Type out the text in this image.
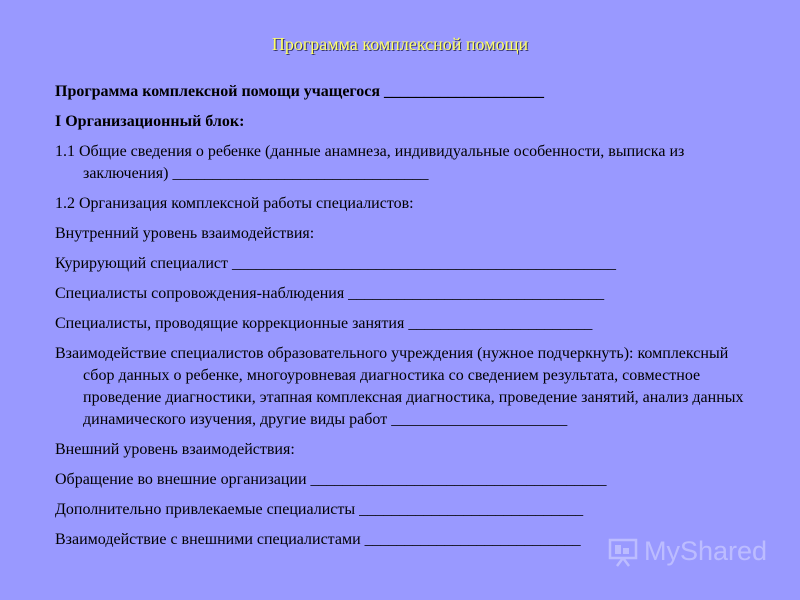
Программа комплексной помощи
Программа комплексной помощи учащегося ____________________
I Организационный блок:
1.1 Общие сведения о ребенке (данные анамнеза, индивидуальные особенности, выписка из заключения) ________________________________
1.2 Организация комплексной работы специалистов:
Внутренний уровень взаимодействия:
Курирующий специалист ________________________________________________
Специалисты сопровождения-наблюдения ________________________________
Специалисты, проводящие коррекционные занятия _______________________
Взаимодействие специалистов образовательного учреждения (нужное подчеркнуть): комплексный сбор данных о ребенке, многоуровневая диагностика со сведением результата, совместное проведение диагностики, этапная комплексная диагностика, проведение занятий, анализ данных динамического изучения, другие виды работ ______________________
Внешний уровень взаимодействия:
Обращение во внешние организации _____________________________________
Дополнительно привлекаемые специалисты ____________________________
Взаимодействие с внешними специалистами ___________________________	MyShared
